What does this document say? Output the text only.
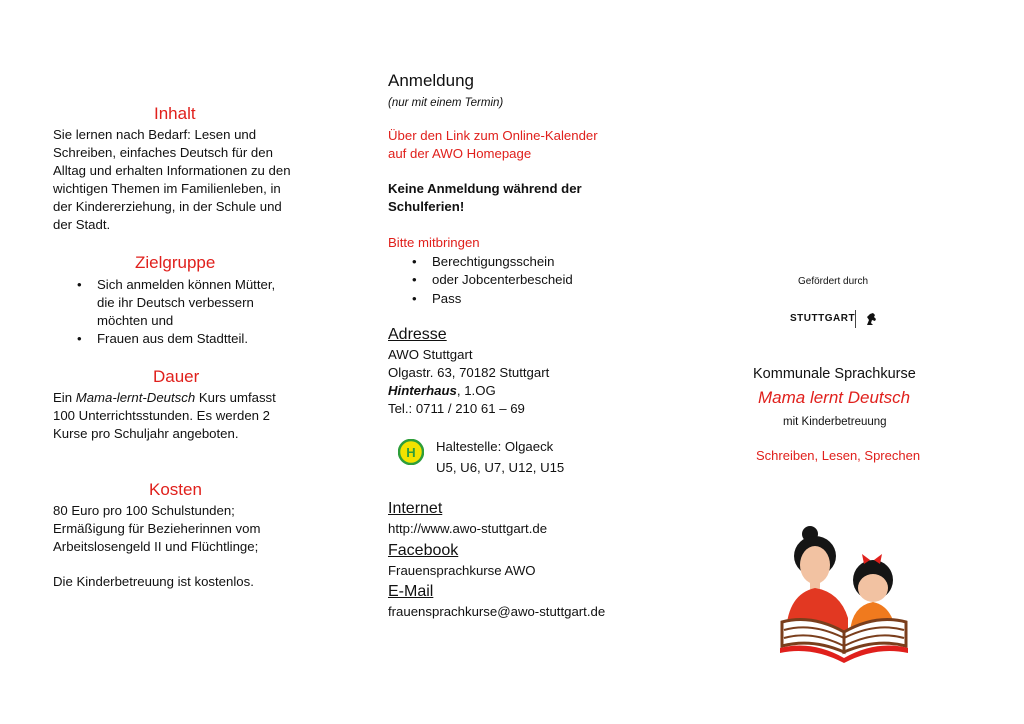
Inhalt
Sie lernen nach Bedarf: Lesen und
Schreiben, einfaches Deutsch für den
Alltag und erhalten Informationen zu den
wichtigen Themen im Familienleben, in
der Kindererziehung, in der Schule und
der Stadt.
Zielgruppe
• Sich anmelden können Mütter,
die ihr Deutsch verbessern
möchten und
• Frauen aus dem Stadtteil.
Dauer
Ein Mama-lernt-Deutsch Kurs umfasst
100 Unterrichtsstunden. Es werden 2
Kurse pro Schuljahr angeboten.
Kosten
80 Euro pro 100 Schulstunden;
Ermäßigung für Bezieherinnen vom
Arbeitslosengeld II und Flüchtlinge;
Die Kinderbetreuung ist kostenlos.
Anmeldung
(nur mit einem Termin)
Über den Link zum Online-Kalender
auf der AWO Homepage
Keine Anmeldung während der
Schulferien!
Bitte mitbringen
• Berechtigungsschein
• oder Jobcenterbescheid
• Pass
Adresse
AWO Stuttgart
Olgastr. 63, 70182 Stuttgart
Hinterhaus, 1.OG
Tel.: 0711 / 210 61 – 69
H Haltestelle: Olgaeck
U5, U6, U7, U12, U15
Internet
http://www.awo-stuttgart.de
Facebook
Frauensprachkurse AWO
E-Mail
frauensprachkurse@awo-stuttgart.de
Gefördert durch
STUTTGART
Kommunale Sprachkurse
Mama lernt Deutsch
mit Kinderbetreuung
Schreiben, Lesen, Sprechen
